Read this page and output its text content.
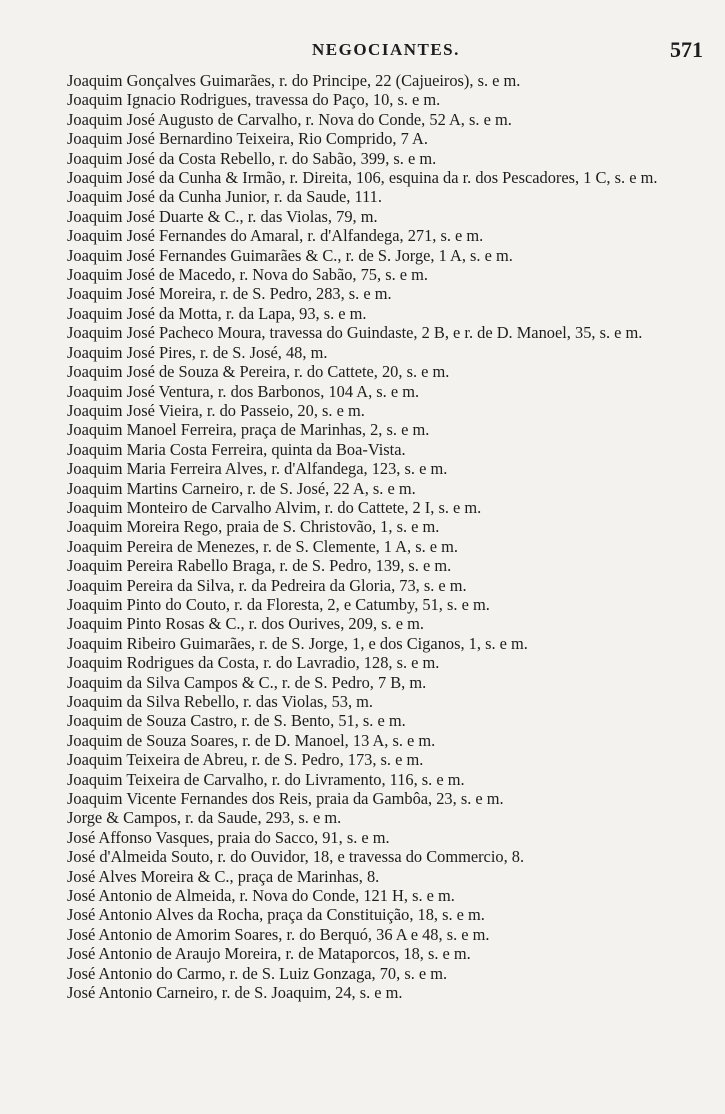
NEGOCIANTES.	571
Joaquim Gonçalves Guimarães, r. do Principe, 22 (Cajueiros), s. e m.
Joaquim Ignacio Rodrigues, travessa do Paço, 10, s. e m.
Joaquim José Augusto de Carvalho, r. Nova do Conde, 52 A, s. e m.
Joaquim José Bernardino Teixeira, Rio Comprido, 7 A.
Joaquim José da Costa Rebello, r. do Sabão, 399, s. e m.
Joaquim José da Cunha & Irmão, r. Direita, 106, esquina da r. dos Pescadores, 1 C, s. e m.
Joaquim José da Cunha Junior, r. da Saude, 111.
Joaquim José Duarte & C., r. das Violas, 79, m.
Joaquim José Fernandes do Amaral, r. d'Alfandega, 271, s. e m.
Joaquim José Fernandes Guimarães & C., r. de S. Jorge, 1 A, s. e m.
Joaquim José de Macedo, r. Nova do Sabão, 75, s. e m.
Joaquim José Moreira, r. de S. Pedro, 283, s. e m.
Joaquim José da Motta, r. da Lapa, 93, s. e m.
Joaquim José Pacheco Moura, travessa do Guindaste, 2 B, e r. de D. Manoel, 35, s. e m.
Joaquim José Pires, r. de S. José, 48, m.
Joaquim José de Souza & Pereira, r. do Cattete, 20, s. e m.
Joaquim José Ventura, r. dos Barbonos, 104 A, s. e m.
Joaquim José Vieira, r. do Passeio, 20, s. e m.
Joaquim Manoel Ferreira, praça de Marinhas, 2, s. e m.
Joaquim Maria Costa Ferreira, quinta da Boa-Vista.
Joaquim Maria Ferreira Alves, r. d'Alfandega, 123, s. e m.
Joaquim Martins Carneiro, r. de S. José, 22 A, s. e m.
Joaquim Monteiro de Carvalho Alvim, r. do Cattete, 2 I, s. e m.
Joaquim Moreira Rego, praia de S. Christovão, 1, s. e m.
Joaquim Pereira de Menezes, r. de S. Clemente, 1 A, s. e m.
Joaquim Pereira Rabello Braga, r. de S. Pedro, 139, s. e m.
Joaquim Pereira da Silva, r. da Pedreira da Gloria, 73, s. e m.
Joaquim Pinto do Couto, r. da Floresta, 2, e Catumby, 51, s. e m.
Joaquim Pinto Rosas & C., r. dos Ourives, 209, s. e m.
Joaquim Ribeiro Guimarães, r. de S. Jorge, 1, e dos Ciganos, 1, s. e m.
Joaquim Rodrigues da Costa, r. do Lavradio, 128, s. e m.
Joaquim da Silva Campos & C., r. de S. Pedro, 7 B, m.
Joaquim da Silva Rebello, r. das Violas, 53, m.
Joaquim de Souza Castro, r. de S. Bento, 51, s. e m.
Joaquim de Souza Soares, r. de D. Manoel, 13 A, s. e m.
Joaquim Teixeira de Abreu, r. de S. Pedro, 173, s. e m.
Joaquim Teixeira de Carvalho, r. do Livramento, 116, s. e m.
Joaquim Vicente Fernandes dos Reis, praia da Gambôa, 23, s. e m.
Jorge & Campos, r. da Saude, 293, s. e m.
José Affonso Vasques, praia do Sacco, 91, s. e m.
José d'Almeida Souto, r. do Ouvidor, 18, e travessa do Commercio, 8.
José Alves Moreira & C., praça de Marinhas, 8.
José Antonio de Almeida, r. Nova do Conde, 121 H, s. e m.
José Antonio Alves da Rocha, praça da Constituição, 18, s. e m.
José Antonio de Amorim Soares, r. do Berquó, 36 A e 48, s. e m.
José Antonio de Araujo Moreira, r. de Mataporcos, 18, s. e m.
José Antonio do Carmo, r. de S. Luiz Gonzaga, 70, s. e m.
José Antonio Carneiro, r. de S. Joaquim, 24, s. e m.
